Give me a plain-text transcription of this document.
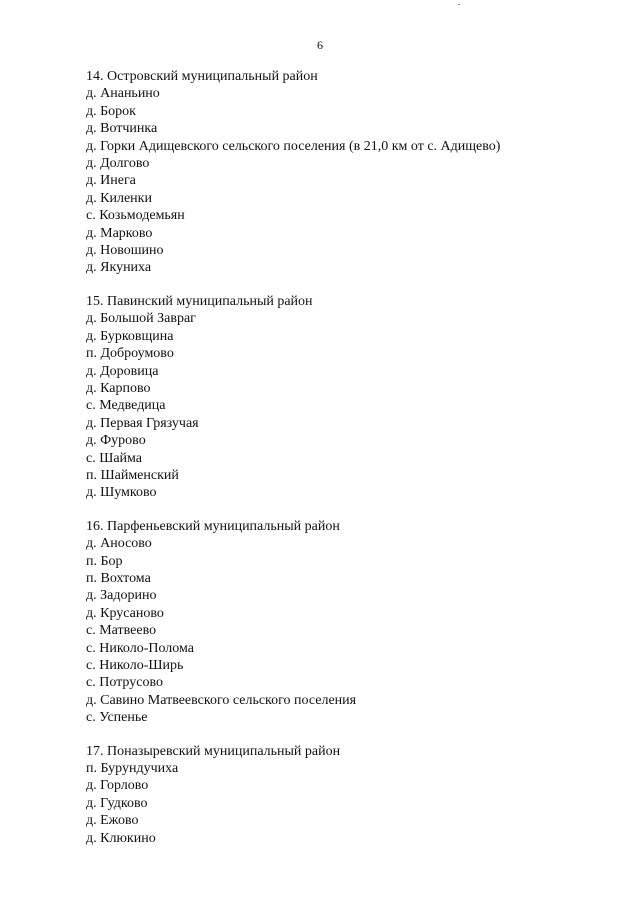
6
14. Островский муниципальный район
д. Ананьино
д. Борок
д. Вотчинка
д. Горки Адищевского сельского поселения (в 21,0 км от с. Адищево)
д. Долгово
д. Инега
д. Киленки
с. Козьмодемьян
д. Марково
д. Новошино
д. Якуниха
15. Павинский муниципальный район
д. Большой Завраг
д. Бурковщина
п. Доброумово
д. Доровица
д. Карпово
с. Медведица
д. Первая Грязучая
д. Фурово
с. Шайма
п. Шайменский
д. Шумково
16. Парфеньевский муниципальный район
д. Аносово
п. Бор
п. Вохтома
д. Задорино
д. Крусаново
с. Матвеево
с. Николо-Полома
с. Николо-Ширь
с. Потрусово
д. Савино Матвеевского сельского поселения
с. Успенье
17. Поназыревский муниципальный район
п. Бурундучиха
д. Горлово
д. Гудково
д. Ежово
д. Клюкино
